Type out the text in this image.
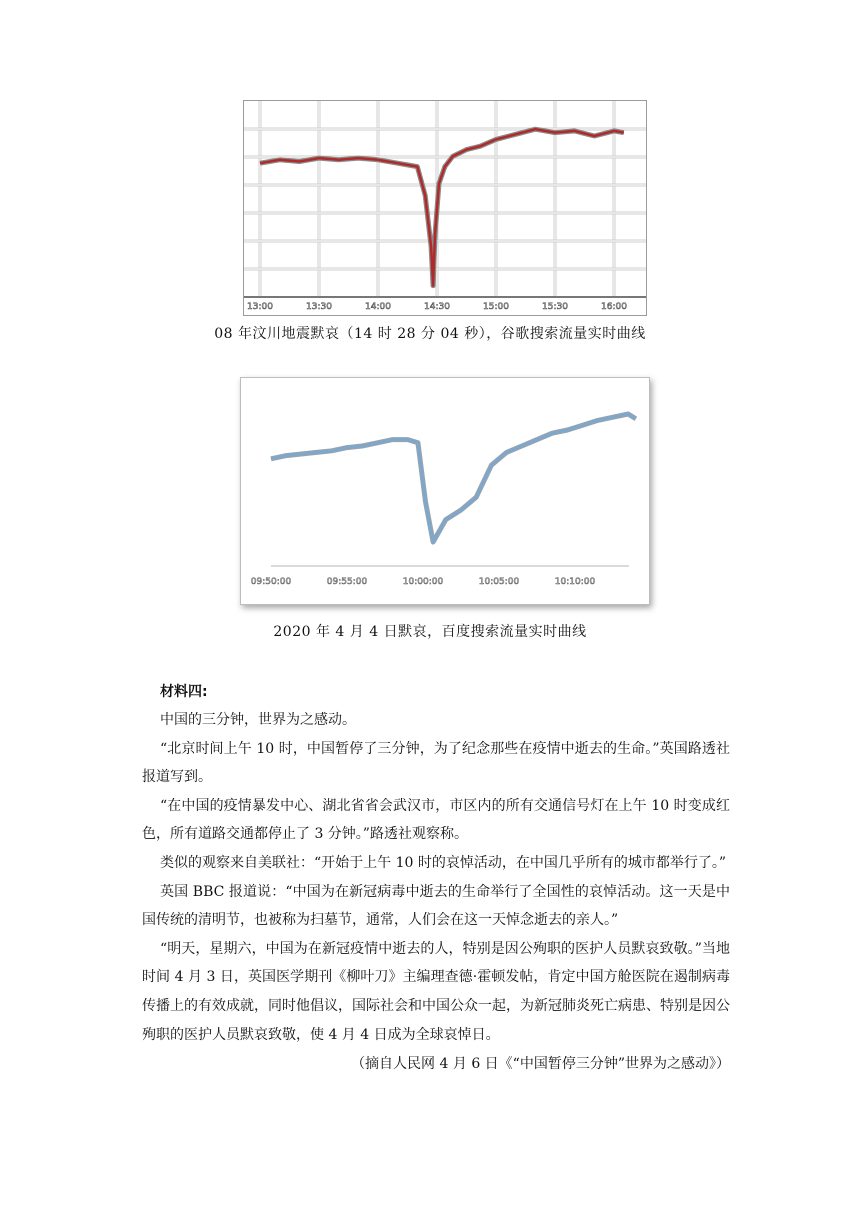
13:00	13:30	14:00	14:30	15:00	15:30	16:00
08 年汶川地震默哀（14 时 28 分 04 秒），谷歌搜索流量实时曲线
09:50:00	09:55:00	10:00:00	10:05:00	10:10:00
2020 年 4 月 4 日默哀，百度搜索流量实时曲线
材料四:

中国的三分钟，世界为之感动。

“北京时间上午 10 时，中国暂停了三分钟，为了纪念那些在疫情中逝去的生命。”英国路透社报道写到。

“在中国的疫情暴发中心、湖北省省会武汉市，市区内的所有交通信号灯在上午 10 时变成红色，所有道路交通都停止了 3 分钟。”路透社观察称。

类似的观察来自美联社：“开始于上午 10 时的哀悼活动，在中国几乎所有的城市都举行了。”

英国 BBC 报道说：“中国为在新冠病毒中逝去的生命举行了全国性的哀悼活动。这一天是中国传统的清明节，也被称为扫墓节，通常，人们会在这一天悼念逝去的亲人。”

“明天，星期六，中国为在新冠疫情中逝去的人，特别是因公殉职的医护人员默哀致敬。”当地时间 4 月 3 日，英国医学期刊《柳叶刀》主编理查德·霍顿发帖，肯定中国方舱医院在遏制病毒传播上的有效成就，同时他倡议，国际社会和中国公众一起，为新冠肺炎死亡病患、特别是因公殉职的医护人员默哀致敬，使 4 月 4 日成为全球哀悼日。

（摘自人民网 4 月 6 日《“中国暂停三分钟”世界为之感动》）
